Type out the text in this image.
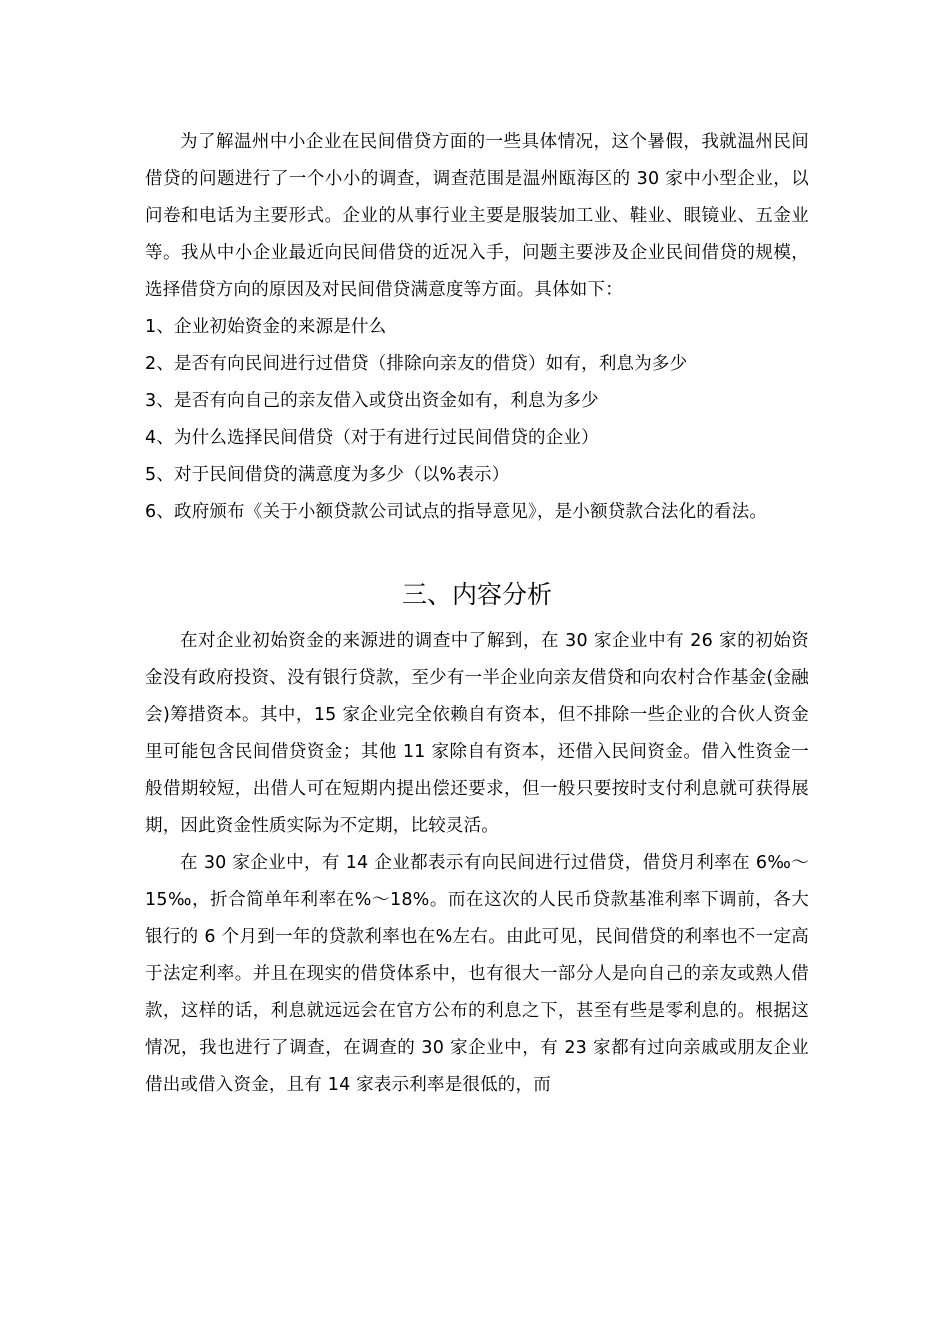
为了解温州中小企业在民间借贷方面的一些具体情况，这个暑假，我就温州民间借贷的问题进行了一个小小的调查，调查范围是温州瓯海区的 30 家中小型企业，以问卷和电话为主要形式。企业的从事行业主要是服装加工业、鞋业、眼镜业、五金业等。我从中小企业最近向民间借贷的近况入手，问题主要涉及企业民间借贷的规模，选择借贷方向的原因及对民间借贷满意度等方面。具体如下：

1、企业初始资金的来源是什么
2、是否有向民间进行过借贷（排除向亲友的借贷）如有，利息为多少
3、是否有向自己的亲友借入或贷出资金如有，利息为多少
4、为什么选择民间借贷（对于有进行过民间借贷的企业）
5、对于民间借贷的满意度为多少（以%表示）
6、政府颁布《关于小额贷款公司试点的指导意见》，是小额贷款合法化的看法。
三、内容分析

在对企业初始资金的来源进的调查中了解到，在 30 家企业中有 26 家的初始资金没有政府投资、没有银行贷款，至少有一半企业向亲友借贷和向农村合作基金(金融会)筹措资本。其中，15 家企业完全依赖自有资本，但不排除一些企业的合伙人资金里可能包含民间借贷资金；其他 11 家除自有资本，还借入民间资金。借入性资金一般借期较短，出借人可在短期内提出偿还要求，但一般只要按时支付利息就可获得展期，因此资金性质实际为不定期，比较灵活。

在 30 家企业中，有 14 企业都表示有向民间进行过借贷，借贷月利率在 6‰～15‰，折合简单年利率在%～18%。而在这次的人民币贷款基准利率下调前，各大银行的 6 个月到一年的贷款利率也在%左右。由此可见，民间借贷的利率也不一定高于法定利率。并且在现实的借贷体系中，也有很大一部分人是向自己的亲友或熟人借款，这样的话，利息就远远会在官方公布的利息之下，甚至有些是零利息的。根据这情况，我也进行了调查，在调查的 30 家企业中，有 23 家都有过向亲戚或朋友企业借出或借入资金，且有 14 家表示利率是很低的，而
